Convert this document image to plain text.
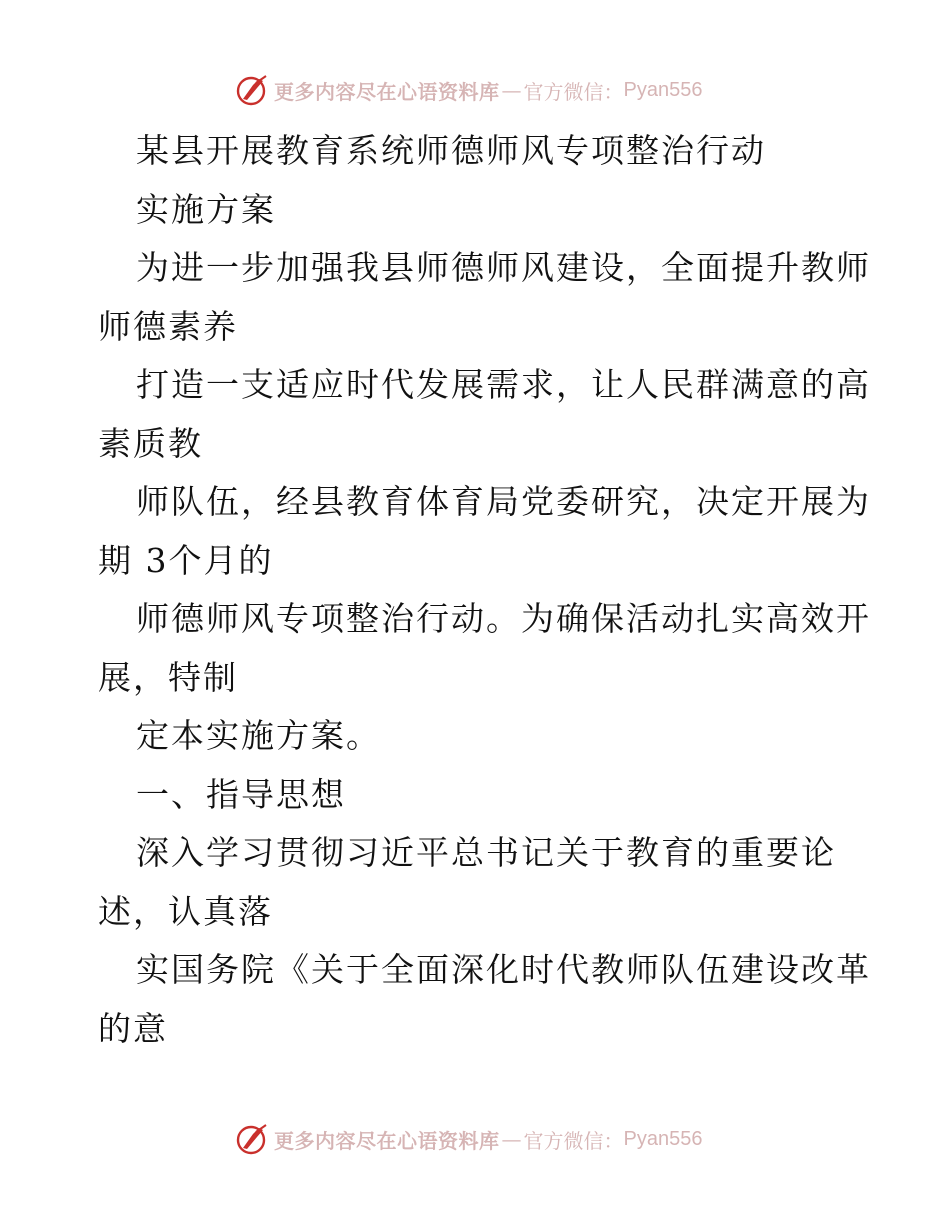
更多内容尽在心语资料库 — 官方微信： Pyan556
某县开展教育系统师德师风专项整治行动
实施方案
为进一步加强我县师德师风建设，全面提升教师
师德素养
打造一支适应时代发展需求，让人民群满意的高
素质教
师队伍，经县教育体育局党委研究，决定开展为
期 3个月的
师德师风专项整治行动。为确保活动扎实高效开
展，特制
定本实施方案。
一、指导思想
深入学习贯彻习近平总书记关于教育的重要论
述，认真落
实国务院《关于全面深化时代教师队伍建设改革
的意
更多内容尽在心语资料库 — 官方微信： Pyan556
